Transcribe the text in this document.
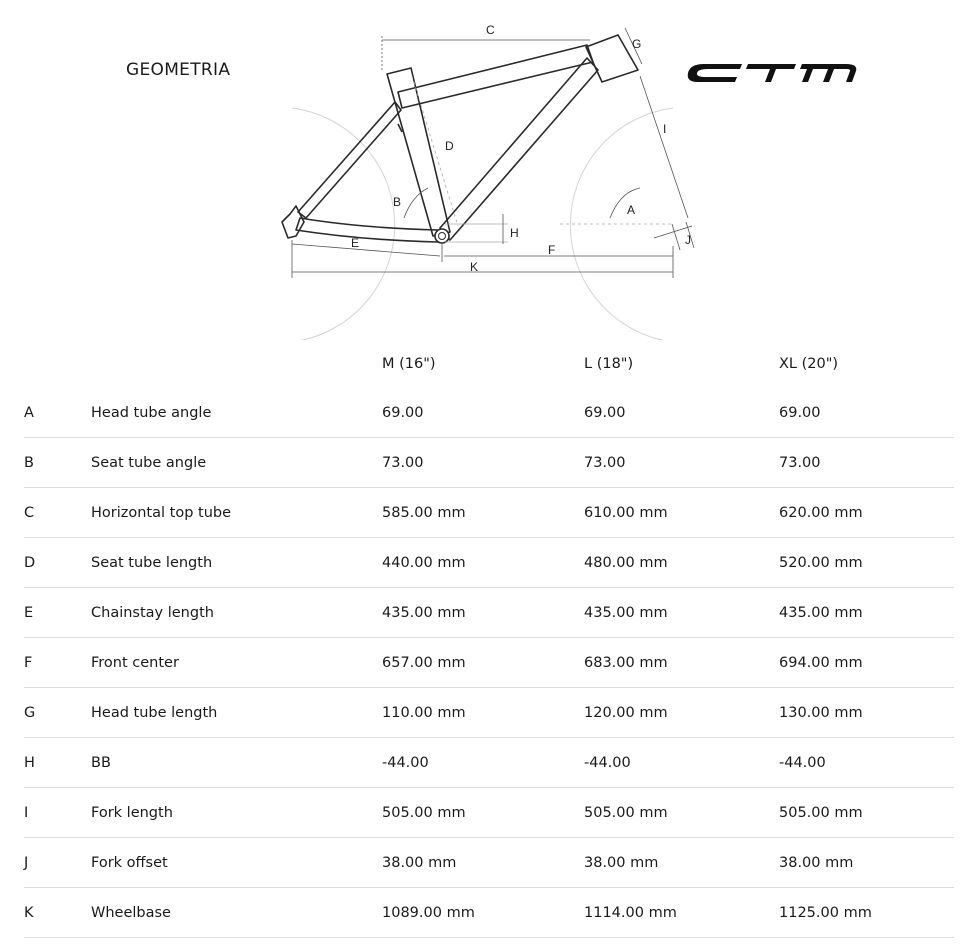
GEOMETRIA
C
G
I
D
B
A
H	J
E	F
K
		M (16")	L (18")	XL (20")
A	Head tube angle	69.00	69.00	69.00
B	Seat tube angle	73.00	73.00	73.00
C	Horizontal top tube	585.00 mm	610.00 mm	620.00 mm
D	Seat tube length	440.00 mm	480.00 mm	520.00 mm
E	Chainstay length	435.00 mm	435.00 mm	435.00 mm
F	Front center	657.00 mm	683.00 mm	694.00 mm
G	Head tube length	110.00 mm	120.00 mm	130.00 mm
H	BB	-44.00	-44.00	-44.00
I	Fork length	505.00 mm	505.00 mm	505.00 mm
J	Fork offset	38.00 mm	38.00 mm	38.00 mm
K	Wheelbase	1089.00 mm	1114.00 mm	1125.00 mm
